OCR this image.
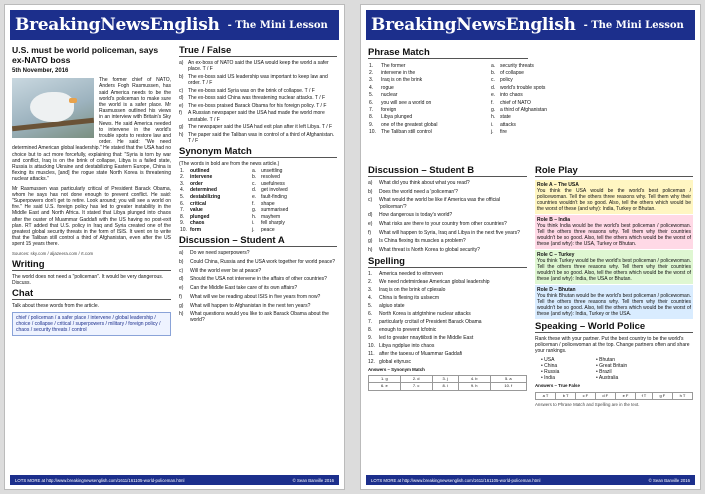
BreakingNewsEnglish - The Mini Lesson
U.S. must be world policeman, says ex-NATO boss
5th November, 2016

The former chief of NATO, Anders Fogh Rasmussen, has said America needs to be the world's policeman to make sure the world is a safer place. Mr Rasmussen outlined his views in an interview with Britain's Sky News. He said America needed to intervene in the world's trouble spots to restore law and order. He said: "We need determined American global leadership." He stated that the USA had no choice but to act more forcefully, explaining that: "Syria is torn by war and conflict, Iraq is on the brink of collapse, Libya is a failed state, Russia is attacking Ukraine and destabilizing Eastern Europe, China is flexing its muscles, [and] the rogue state North Korea is threatening nuclear attacks."

Mr Rasmussen was particularly critical of President Barack Obama, whom he says has not done enough to prevent conflict. He said: "Superpowers don't get to retire. Look around; you will see a world on fire." He said U.S. foreign policy has led to greater instability in the Middle East and North Africa. It stated that Libya plunged into chaos after the ouster of Muammar Gaddafi with the US having no post-exit plan. RT added that U.S. policy in Iraq and Syria created one of the greatest global security threats in the form of ISIS. It went on to write that the Taliban still control a third of Afghanistan, even after the US spent 15 years there.

Sources: sky.com / aljazeera.com / rt.com
Writing
The world does not need a "policeman". It would be very dangerous. Discuss.
Chat
Talk about these words from the article.
chief / policeman / a safer place / intervene / global leadership / choice / collapse / critical / superpowers / military / foreign policy / chaos / security threats / control
True / False
a) An ex-boss of NATO said the USA would keep the world a safer place. T / F
b) The ex-boss said US leadership was important to keep law and order. T / F
c) The ex-boss said Syria was on the brink of collapse. T / F
d) The ex-boss said China was threatening nuclear attacks. T / F
e) The ex-boss praised Barack Obama for his foreign policy. T / F
f)	A Russian newspaper said the USA had made the world more unstable. T / F
g) The newspaper said the USA had exit plan after it left Libya. T / F
h) The paper said the Taliban was in control of a third of Afghanistan. T / F
Synonym Match
(The words in bold are from the news article.)
1.	outlined	a.	unsettling
2.	intervene	b.	resolved
3.	order	c.	usefulness
4.	determined	d.	get involved
5.	destabilizing	e.	fault-finding
6.	critical	f.	shape
7.	value	g.	summarised
8.	plunged	h.	mayhem
9.	chaos	i.	fell sharply
10.	form	j.	peace
Discussion – Student A
a)	Do we need superpowers?
b)	Could China, Russia and the USA work together for world peace?
c)	Will the world ever be at peace?
d)	Should the USA not intervene in the affairs of other countries?
e)	Can the Middle East take care of its own affairs?
f)	What will we be reading about ISIS in five years from now?
g)	What will happen to Afghanistan in the next ten years?
h)	What questions would you like to ask Barack Obama about the world?
LOTS MORE at http://www.breakingnewsenglish.com/1611/161105-world-policeman.html	© Sean Banville 2016
BreakingNewsEnglish - The Mini Lesson
Phrase Match
1.	The former	a.	security threats
2.	intervene in the	b.	of collapse
3.	Iraq is on the brink	c.	policy
4.	rogue	d.	world's trouble spots
5.	nuclear	e.	into chaos
6.	you will see a world on	f.	chief of NATO
7.	foreign	g.	a third of Afghanistan
8.	Libya plunged	h.	state
9.	one of the greatest global	i.	attacks
10.	The Taliban still control	j.	fire
Discussion – Student B
a)	What did you think about what you read?
b)	Does the world need a 'policeman'?
c)	What would the world be like if America was the official 'policeman'?
d)	How dangerous is today's world?
e)	What risks are there to your country from other countries?
f)	What will happen to Syria, Iraq and Libya in the next five years?
g)	Is China flexing its muscles a problem?
h)	What threat is North Korea to global security?
Spelling
1.	America needed to eitnrveen
2.	We need ndetmirdeae American global leadership
3.	Iraq is on the brink of cplesalo
4.	China is flexing its uslsecm
5.	algiuo state
6.	North Korea is atrlgtnhine nuclear attacks
7.	particularly crcitail of President Barack Obama
8.	enough to prevent lcfotnic
9.	led to greater nnaytiibsti in the Middle East
10. Libya ngdplue into chaos
11. after the taoesu of Muammar Gaddafi
12. global eityrusc
Answers – Synonym Match
1. g	2. d	3. j	4. b	5. a
6. e	7. c	8. i	9. h	10. f
Role Play
Role A – The USA
You think the USA would be the world's best policeman / policewoman. Tell the others three reasons why. Tell them why their countries wouldn't be so good. Also, tell the others which would be the worst of these (and why): India, Turkey or Bhutan.
Role B – India
You think India would be the world's best policeman / policewoman. Tell the others three reasons why. Tell them why their countries wouldn't be so good. Also, tell the others which would be the worst of these (and why): the USA, Turkey or Bhutan.
Role C – Turkey
You think Turkey would be the world's best policeman / policewoman. Tell the others three reasons why. Tell them why their countries wouldn't be so good. Also, tell the others which would be the worst of these (and why): India, the USA or Bhutan.
Role D – Bhutan
You think Bhutan would be the world's best policeman / policewoman. Tell the others three reasons why. Tell them why their countries wouldn't be so good. Also, tell the others which would be the worst of these (and why): India, Turkey or the USA.
Speaking – World Police
Rank these with your partner. Put the best country to be the world's policeman / policewoman at the top. Change partners often and share your rankings.
• USA	• Bhutan
• China	• Great Britain
• Russia	• Brazil
• India	• Australia
Answers – True False
a T	b T	c F	d F	e F	f T	g F	h T
Answers to Phrase Match and Spelling are in the text.
LOTS MORE at http://www.breakingnewsenglish.com/1611/161105-world-policeman.html	© Sean Banville 2016
